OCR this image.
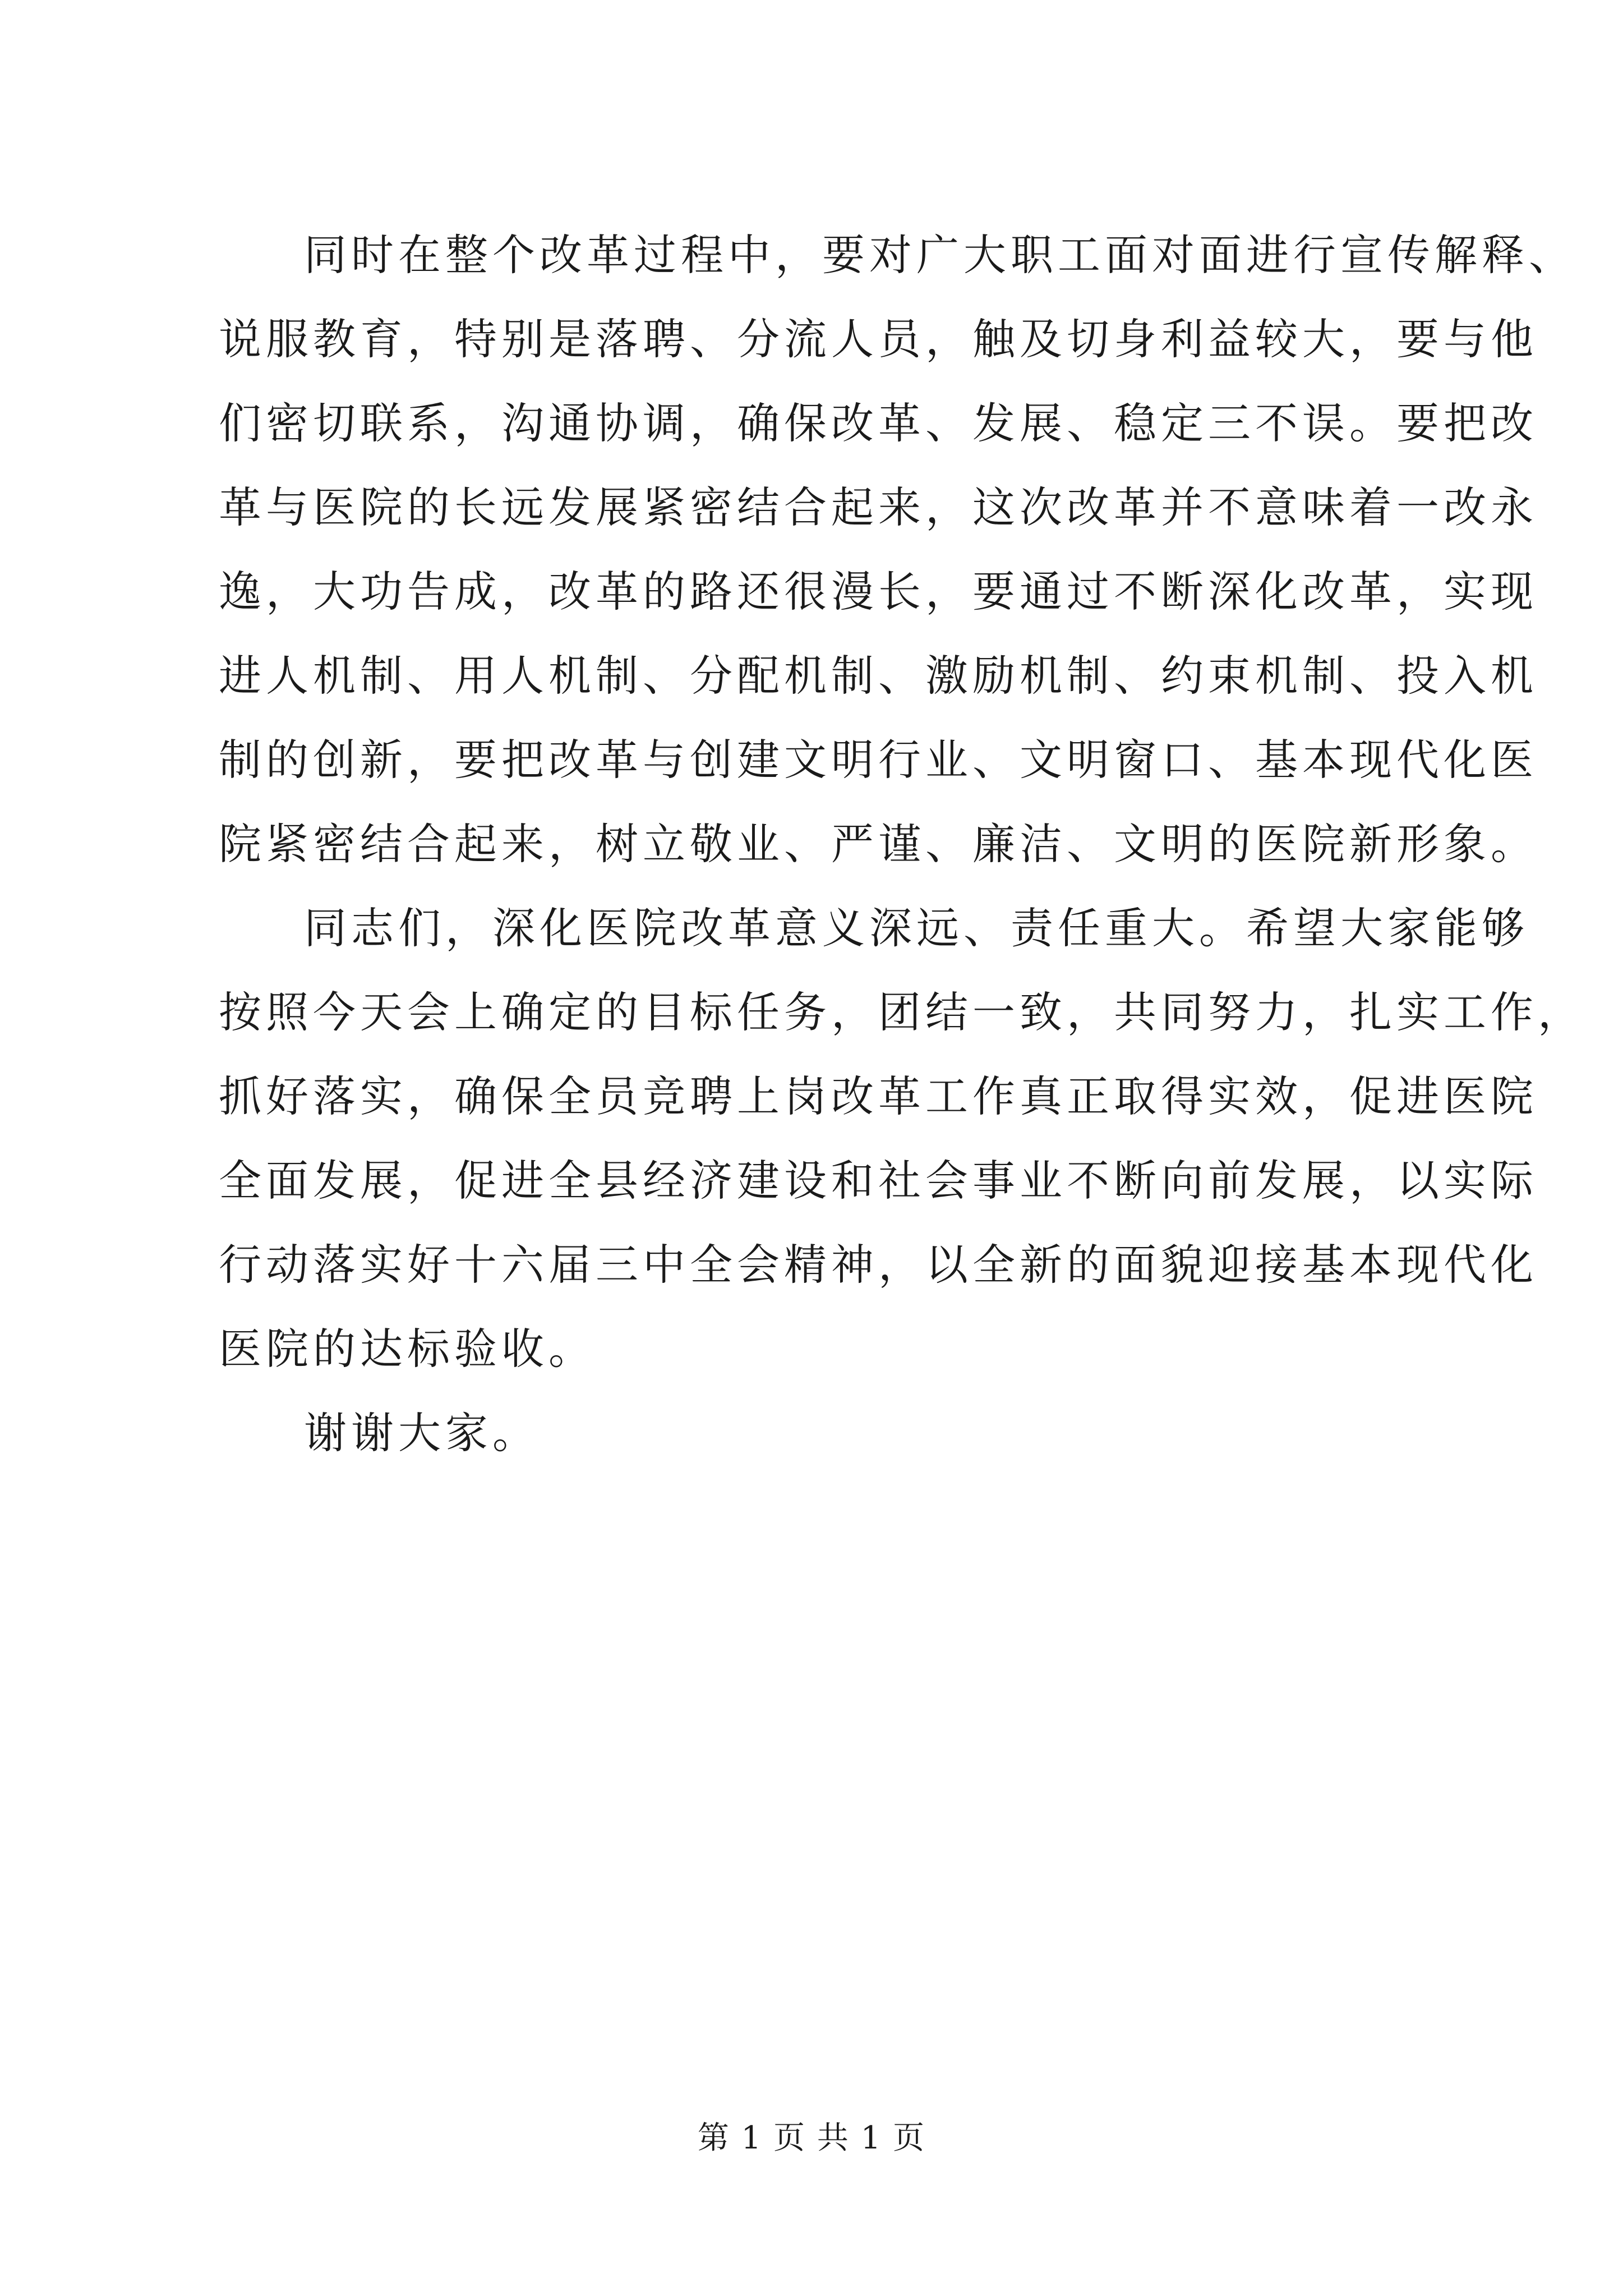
同时在整个改革过程中，要对广大职工面对面进行宣传解释、
说服教育，特别是落聘、分流人员，触及切身利益较大，要与他
们密切联系，沟通协调，确保改革、发展、稳定三不误。要把改
革与医院的长远发展紧密结合起来，这次改革并不意味着一改永
逸，大功告成，改革的路还很漫长，要通过不断深化改革，实现
进人机制、用人机制、分配机制、激励机制、约束机制、投入机
制的创新，要把改革与创建文明行业、文明窗口、基本现代化医
院紧密结合起来，树立敬业、严谨、廉洁、文明的医院新形象。
同志们，深化医院改革意义深远、责任重大。希望大家能够
按照今天会上确定的目标任务，团结一致，共同努力，扎实工作，
抓好落实，确保全员竞聘上岗改革工作真正取得实效，促进医院
全面发展，促进全县经济建设和社会事业不断向前发展，以实际
行动落实好十六届三中全会精神，以全新的面貌迎接基本现代化
医院的达标验收。
谢谢大家。
第 1 页 共 1 页
